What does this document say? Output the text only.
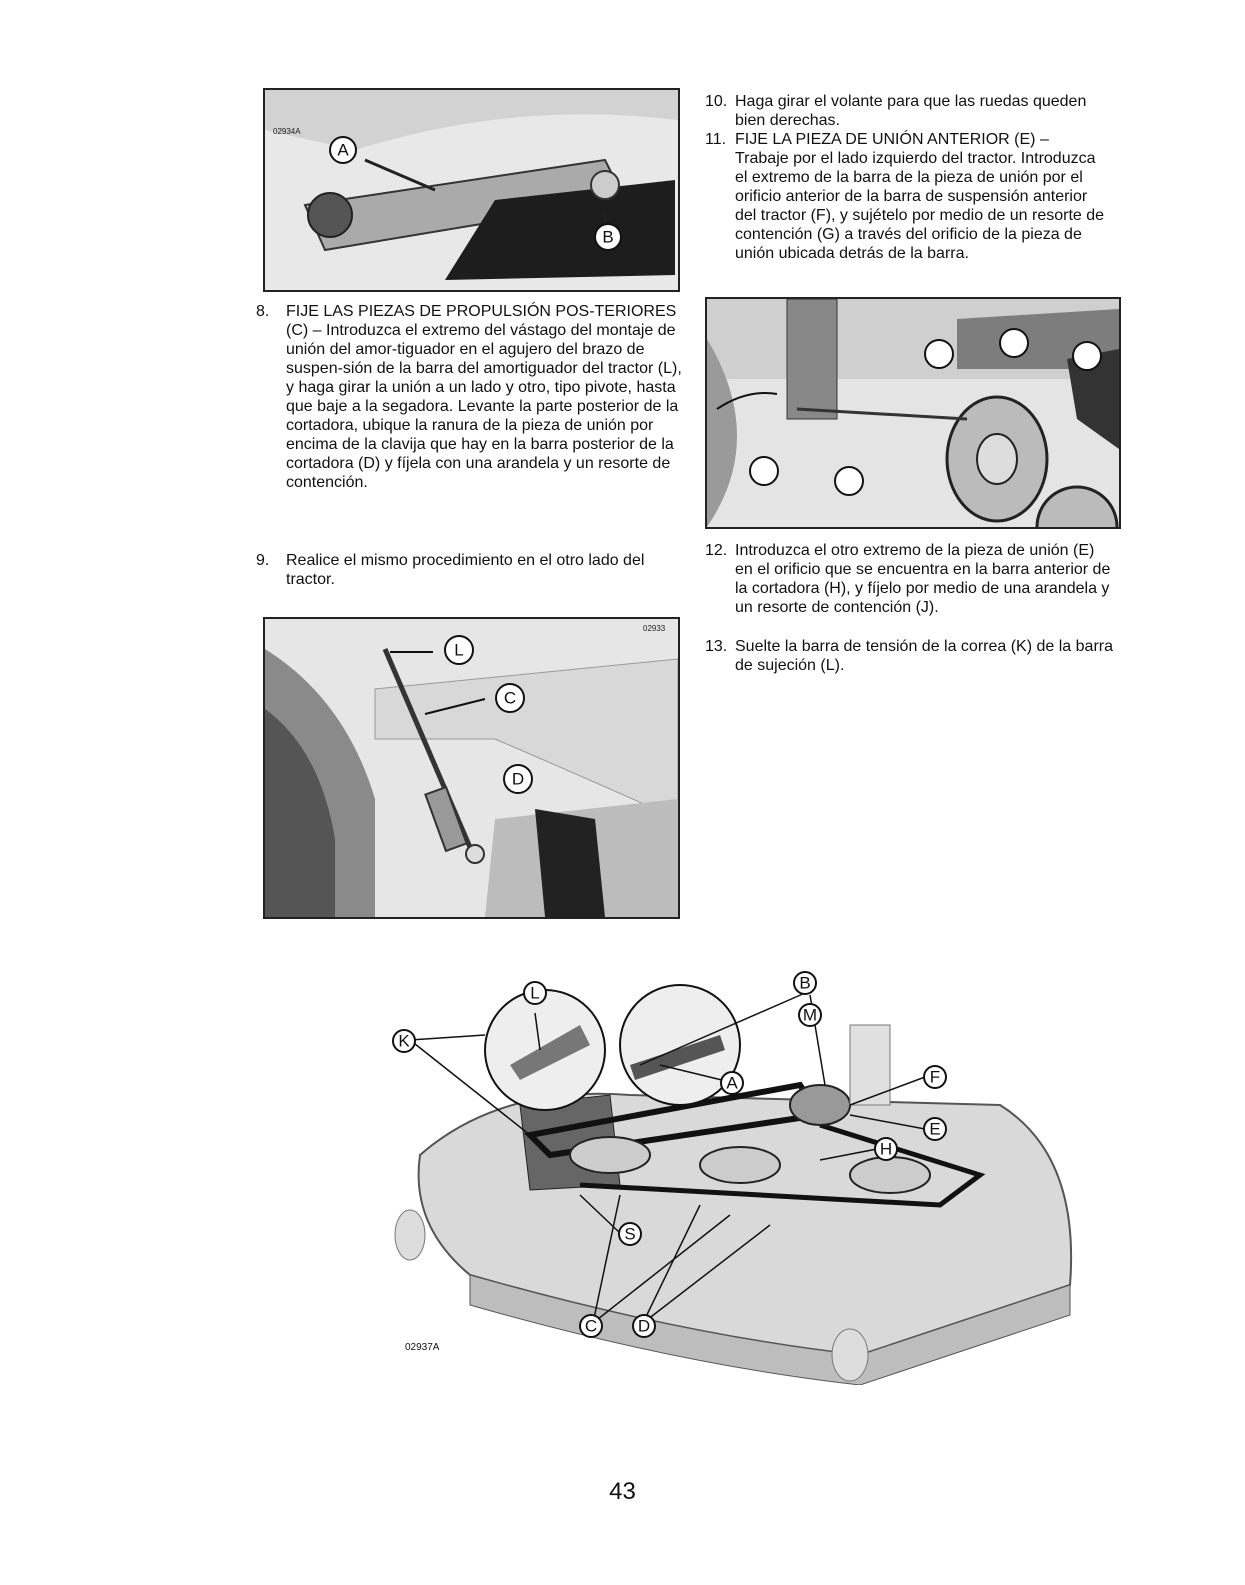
02934A
A
B
8. FIJE LAS PIEZAS DE PROPULSIÓN POS-TERIORES (C) – Introduzca el extremo del vástago del montaje de unión del amor-tiguador en el agujero del brazo de suspen-sión de la barra del amortiguador del tractor (L), y haga girar la unión a un lado y otro, tipo pivote, hasta que baje a la segadora. Levante la parte posterior de la cortadora, ubique la ranura de la pieza de unión por encima de la clavija que hay en la barra posterior de la cortadora (D) y fíjela con una arandela y un resorte de contención.
9. Realice el mismo procedimiento en el otro lado del tractor.
02933
L
C
D
10. Haga girar el volante para que las ruedas queden bien derechas.
11. FIJE LA PIEZA DE UNIÓN ANTERIOR (E) – Trabaje por el lado izquierdo del tractor. Introduzca el extremo de la barra de la pieza de unión por el orificio anterior de la barra de suspensión anterior del tractor (F), y sujételo por medio de un resorte de contención (G) a través del orificio de la pieza de unión ubicada detrás de la barra.
12. Introduzca el otro extremo de la pieza de unión (E) en el orificio que se encuentra en la barra anterior de la cortadora (H), y fíjelo por medio de una arandela y un resorte de contención (J).
13. Suelte la barra de tensión de la correa (K) de la barra de sujeción (L).
L
K
B
M
F
E
A
H
S
C D
02937A
43
